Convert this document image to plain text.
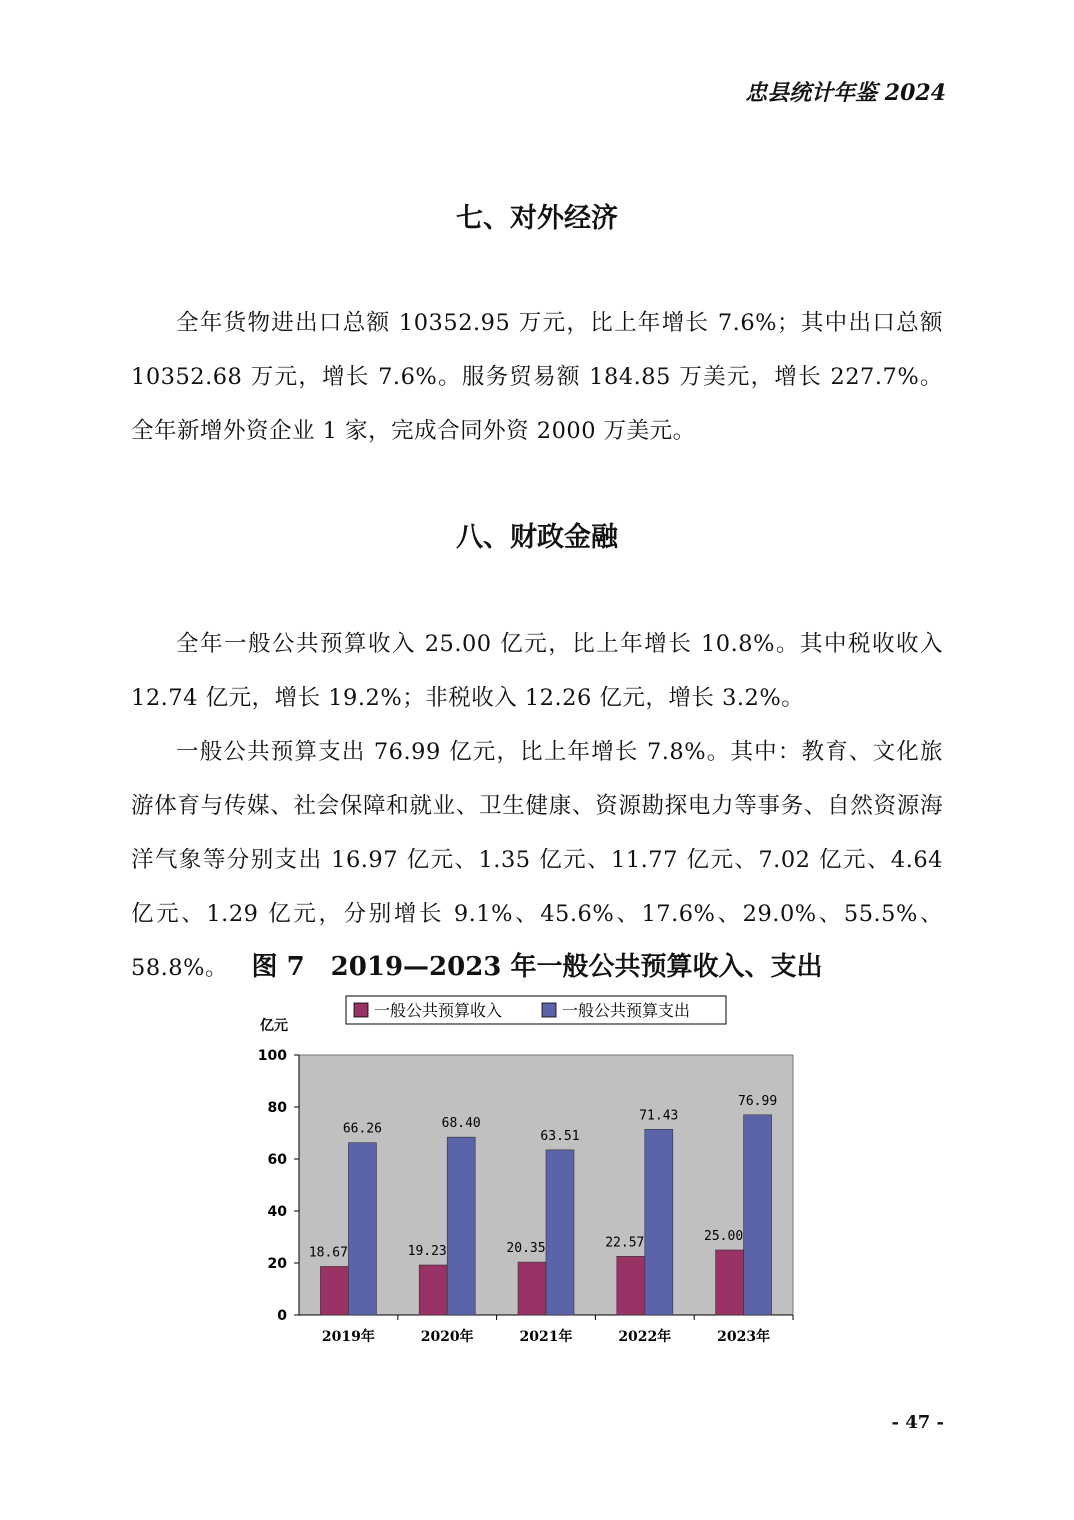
忠县统计年鉴 2024
七、对外经济
全年货物进出口总额 10352.95 万元，比上年增长 7.6%；其中出口总额 10352.68 万元，增长 7.6%。服务贸易额 184.85 万美元，增长 227.7%。全年新增外资企业 1 家，完成合同外资 2000 万美元。
八、财政金融
全年一般公共预算收入 25.00 亿元，比上年增长 10.8%。其中税收收入 12.74 亿元，增长 19.2%；非税收入 12.26 亿元，增长 3.2%。
一般公共预算支出 76.99 亿元，比上年增长 7.8%。其中：教育、文化旅游体育与传媒、社会保障和就业、卫生健康、资源勘探电力等事务、自然资源海洋气象等分别支出 16.97 亿元、1.35 亿元、11.77 亿元、7.02 亿元、4.64 亿元、1.29 亿元，分别增长 9.1%、45.6%、17.6%、29.0%、55.5%、58.8%。 图 7　2019—2023 年一般公共预算收入、支出
一般公共预算收入	一般公共预算支出
亿元
0
20
40
60
80
100
18.67
66.26
2019年
19.23
68.40
2020年
20.35
63.51
2021年
22.57
71.43
2022年
25.00
76.99
2023年
- 47 -
